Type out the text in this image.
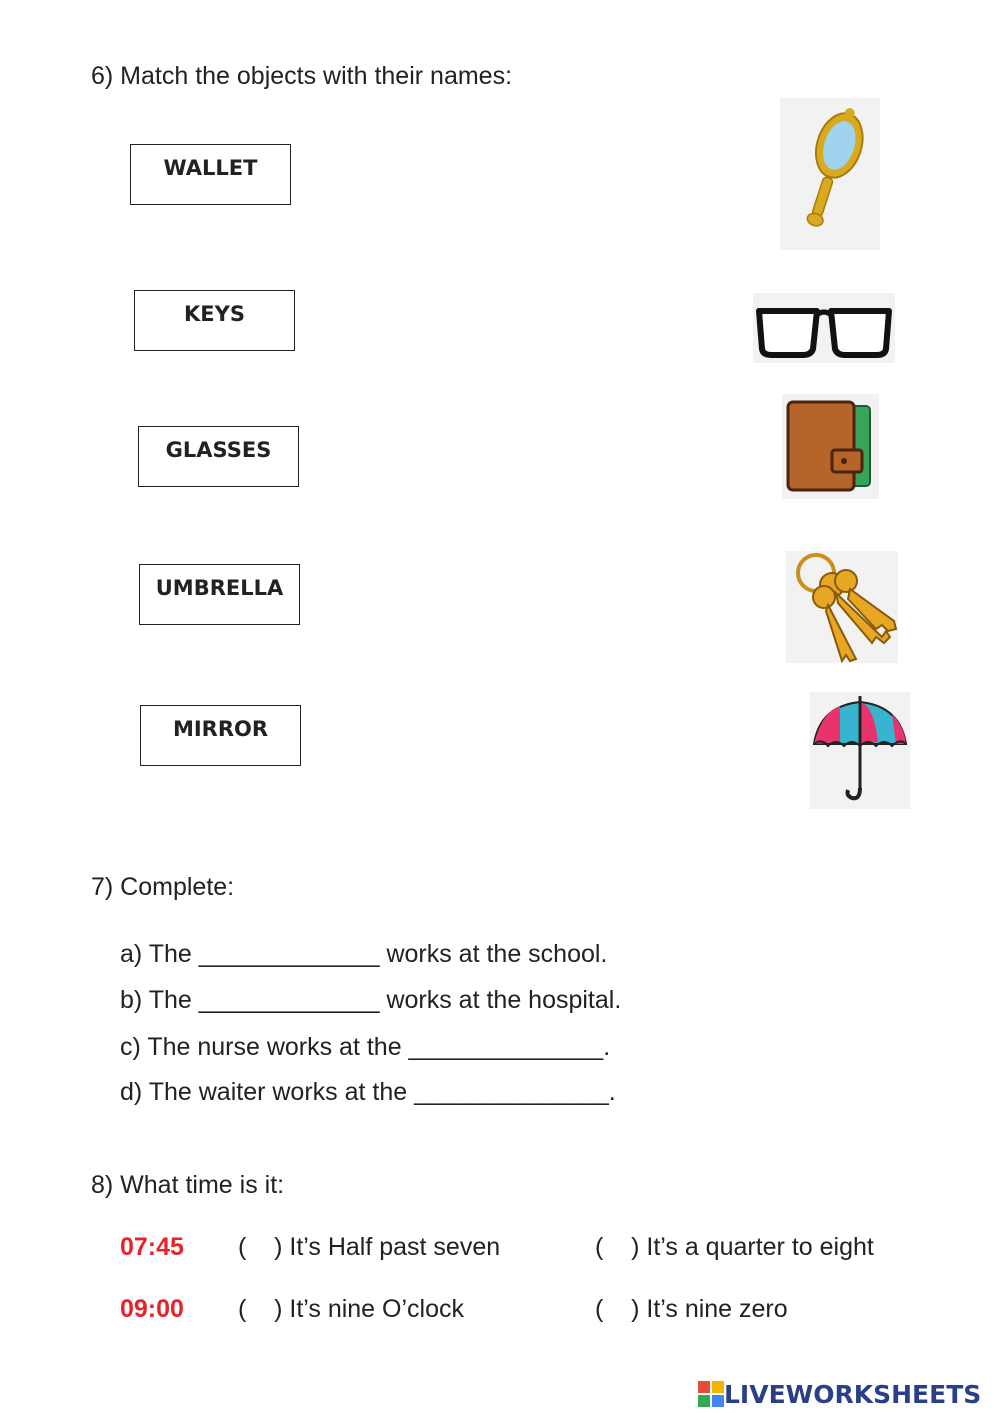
6) Match the objects with their names:
WALLET
KEYS
GLASSES
UMBRELLA
MIRROR
7) Complete:
a) The _____________ works at the school.
b) The _____________ works at the hospital.
c) The nurse works at the ______________.
d) The waiter works at the ______________.
8) What time is it:
07:45 (    ) It’s Half past seven	(    ) It’s a quarter to eight
09:00 (    ) It’s nine O’clock	(    ) It’s nine zero
LIVEWORKSHEETS
